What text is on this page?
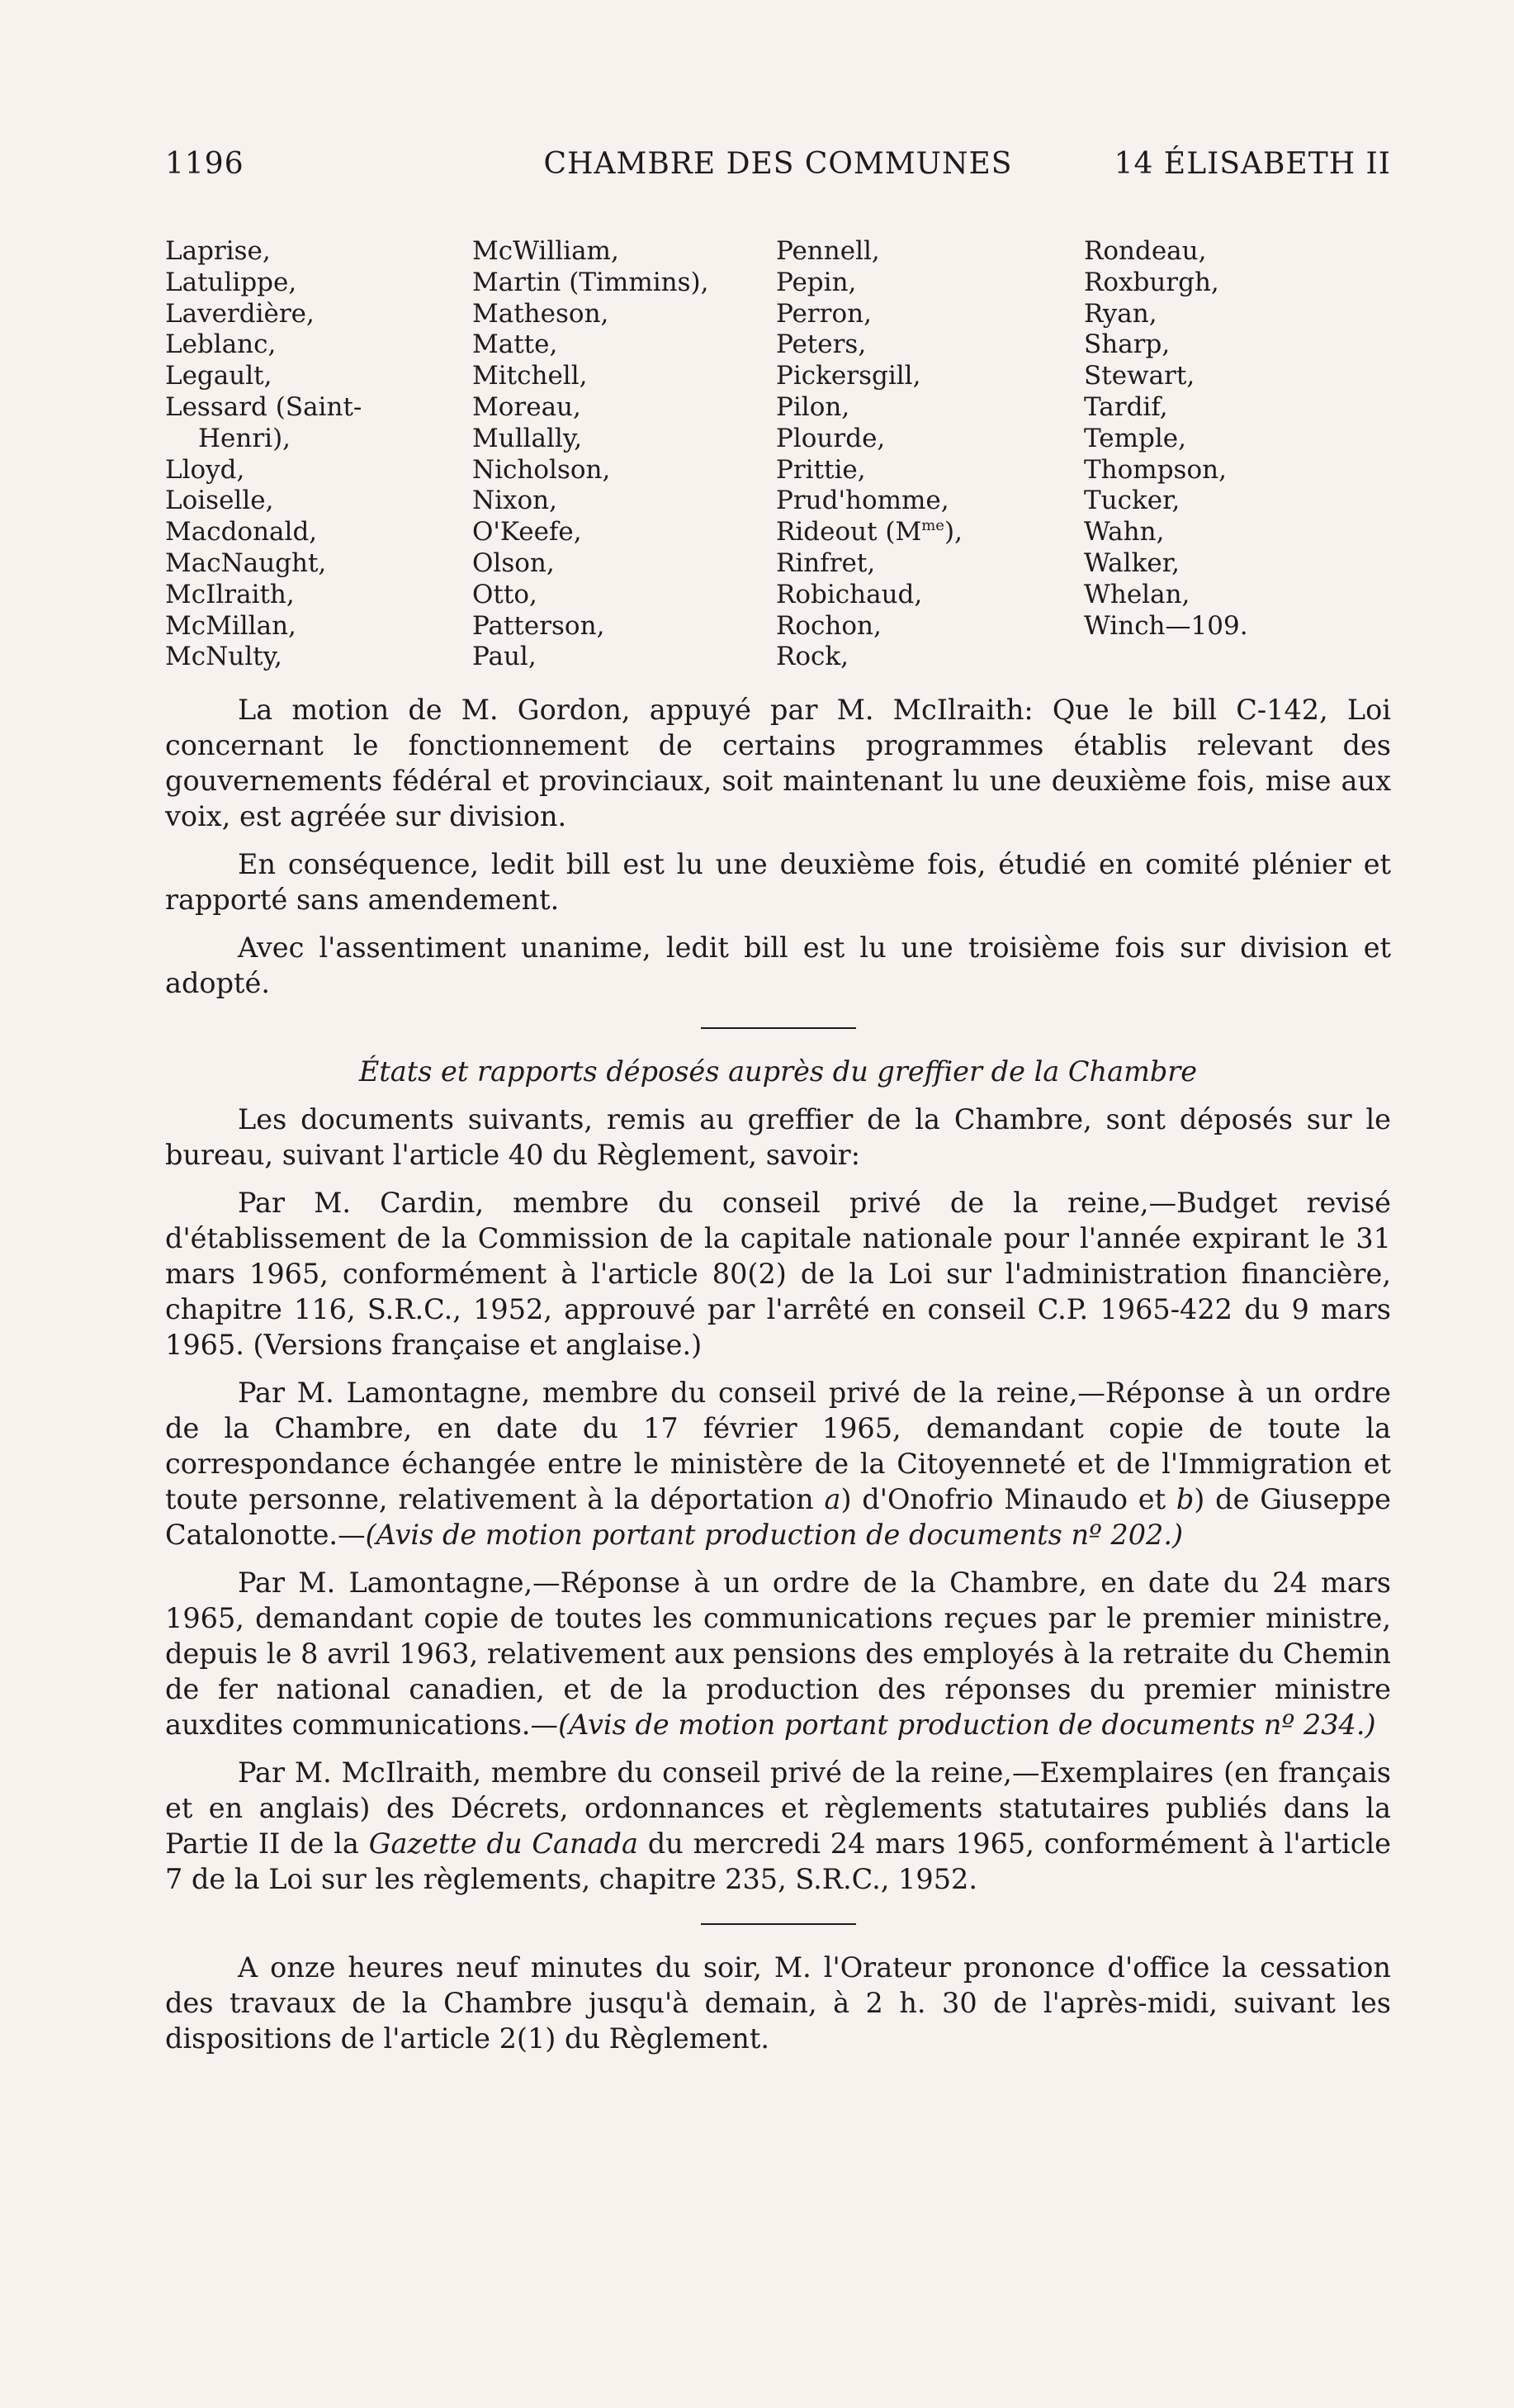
1196	CHAMBRE DES COMMUNES	14 ÉLISABETH II
Laprise,
Latulippe,
Laverdière,
Leblanc,
Legault,
Lessard (Saint-
Henri),
Lloyd,
Loiselle,
Macdonald,
MacNaught,
McIlraith,
McMillan,
McNulty,
McWilliam,
Martin (Timmins),
Matheson,
Matte,
Mitchell,
Moreau,
Mullally,
Nicholson,
Nixon,
O'Keefe,
Olson,
Otto,
Patterson,
Paul,
Pennell,
Pepin,
Perron,
Peters,
Pickersgill,
Pilon,
Plourde,
Prittie,
Prud'homme,
Rideout $(M^{me})$,
Rinfret,
Robichaud,
Rochon,
Rock,
Rondeau,
Roxburgh,
Ryan,
Sharp,
Stewart,
Tardif,
Temple,
Thompson,
Tucker,
Wahn,
Walker,
Whelan,
Winch—109.

La motion de M. Gordon, appuyé par M. McIlraith: Que le bill C-142, Loi concernant le fonctionnement de certains programmes établis relevant des gouvernements fédéral et provinciaux, soit maintenant lu une deuxième fois, mise aux voix, est agréée sur division.

En conséquence, ledit bill est lu une deuxième fois, étudié en comité plénier et rapporté sans amendement.

Avec l'assentiment unanime, ledit bill est lu une troisième fois sur division et adopté.

États et rapports déposés auprès du greffier de la Chambre

Les documents suivants, remis au greffier de la Chambre, sont déposés sur le bureau, suivant l'article 40 du Règlement, savoir:

Par M. Cardin, membre du conseil privé de la reine,—Budget revisé d'établissement de la Commission de la capitale nationale pour l'année expirant le 31 mars 1965, conformément à l'article 80(2) de la Loi sur l'administration financière, chapitre 116, S.R.C., 1952, approuvé par l'arrêté en conseil C.P. 1965-422 du 9 mars 1965. (Versions française et anglaise.)

Par M. Lamontagne, membre du conseil privé de la reine,—Réponse à un ordre de la Chambre, en date du 17 février 1965, demandant copie de toute la correspondance échangée entre le ministère de la Citoyenneté et de l'Immigration et toute personne, relativement à la déportation a) d'Onofrio Minaudo et b) de Giuseppe Catalonotte.—(Avis de motion portant production de documents nº 202.)

Par M. Lamontagne,—Réponse à un ordre de la Chambre, en date du 24 mars 1965, demandant copie de toutes les communications reçues par le premier ministre, depuis le 8 avril 1963, relativement aux pensions des employés à la retraite du Chemin de fer national canadien, et de la production des réponses du premier ministre auxdites communications.—(Avis de motion portant production de documents nº 234.)

Par M. McIlraith, membre du conseil privé de la reine,—Exemplaires (en français et en anglais) des Décrets, ordonnances et règlements statutaires publiés dans la Partie II de la Gazette du Canada du mercredi 24 mars 1965, conformément à l'article 7 de la Loi sur les règlements, chapitre 235, S.R.C., 1952.

A onze heures neuf minutes du soir, M. l'Orateur prononce d'office la cessation des travaux de la Chambre jusqu'à demain, à 2 h. 30 de l'après-midi, suivant les dispositions de l'article 2(1) du Règlement.
